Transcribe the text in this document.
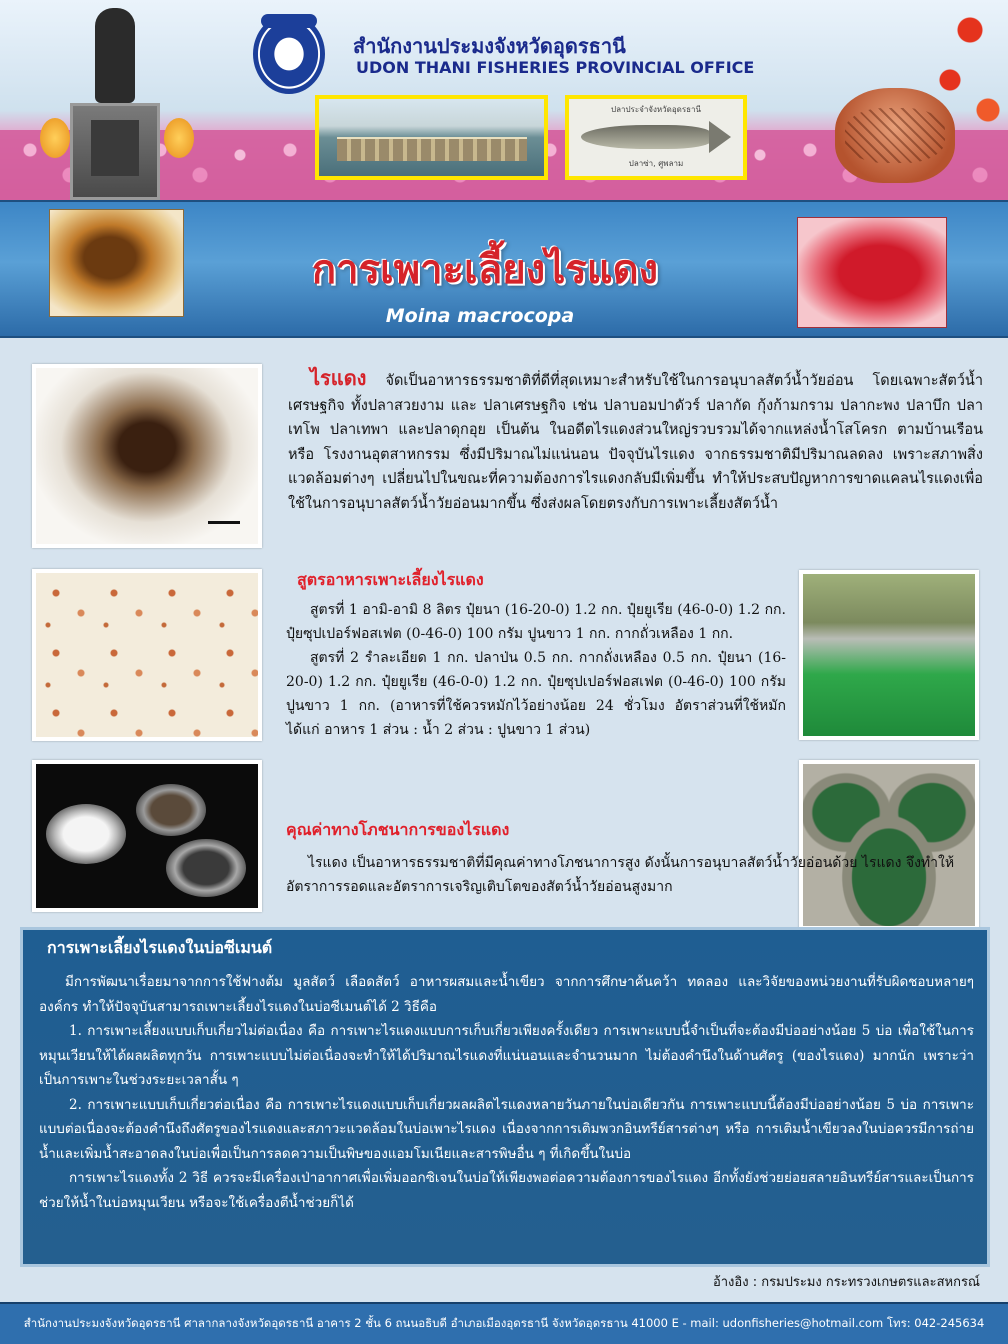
สำนักงานประมงจังหวัดอุดรธานี
UDON THANI FISHERIES PROVINCIAL OFFICE
ปลาประจำจังหวัดอุดรธานี
ปลาซ่า, ศูพลาม
การเพาะเลี้ยงไรแดง
Moina macrocopa
ไรแดง จัดเป็นอาหารธรรมชาติที่ดีที่สุดเหมาะสำหรับใช้ในการอนุบาลสัตว์น้ำวัยอ่อน โดยเฉพาะสัตว์น้ำเศรษฐกิจ ทั้งปลาสวยงาม และ ปลาเศรษฐกิจ เช่น ปลาบอมปาดัวร์ ปลากัด กุ้งก้ามกราม ปลากะพง ปลาบึก ปลาเทโพ ปลาเทพา และปลาดุกอุย เป็นต้น ในอดีตไรแดงส่วนใหญ่รวบรวมได้จากแหล่งน้ำโสโครก ตามบ้านเรือน หรือ โรงงานอุตสาหกรรม ซึ่งมีปริมาณไม่แน่นอน ปัจจุบันไรแดง จากธรรมชาติมีปริมาณลดลง เพราะสภาพสิ่งแวดล้อมต่างๆ เปลี่ยนไปในขณะที่ความต้องการไรแดงกลับมีเพิ่มขึ้น ทำให้ประสบปัญหาการขาดแคลนไรแดงเพื่อใช้ในการอนุบาลสัตว์น้ำวัยอ่อนมากขึ้น ซึ่งส่งผลโดยตรงกับการเพาะเลี้ยงสัตว์น้ำ
สูตรอาหารเพาะเลี้ยงไรแดง

สูตรที่ 1 อามิ-อามิ 8 ลิตร ปุ๋ยนา (16-20-0) 1.2 กก. ปุ๋ยยูเรีย (46-0-0) 1.2 กก. ปุ๋ยซุปเปอร์ฟอสเฟต (0-46-0) 100 กรัม ปูนขาว 1 กก. กากถั่วเหลือง 1 กก.

สูตรที่ 2 รำละเอียด 1 กก. ปลาป่น 0.5 กก. กากถั่งเหลือง 0.5 กก. ปุ๋ยนา (16-20-0) 1.2 กก. ปุ๋ยยูเรีย (46-0-0) 1.2 กก. ปุ๋ยซุปเปอร์ฟอสเฟต (0-46-0) 100 กรัม ปูนขาว 1 กก. (อาหารที่ใช้ควรหมักไว้อย่างน้อย 24 ชั่วโมง อัตราส่วนที่ใช้หมัก ได้แก่ อาหาร 1 ส่วน : น้ำ 2 ส่วน : ปูนขาว 1 ส่วน)

คุณค่าทางโภชนาการของไรแดง

ไรแดง เป็นอาหารธรรมชาติที่มีคุณค่าทางโภชนาการสูง ดังนั้นการอนุบาลสัตว์น้ำวัยอ่อนด้วย ไรแดง จึงทำให้อัตราการรอดและอัตราการเจริญเติบโตของสัตว์น้ำวัยอ่อนสูงมาก

การเพาะเลี้ยงไรแดงในบ่อซีเมนต์

มีการพัฒนาเรื่อยมาจากการใช้ฟางต้ม มูลสัตว์ เลือดสัตว์ อาหารผสมและน้ำเขียว จากการศึกษาค้นคว้า ทดลอง และวิจัยของหน่วยงานที่รับผิดชอบหลายๆ องค์กร ทำให้ปัจจุบันสามารถเพาะเลี้ยงไรแดงในบ่อซีเมนต์ได้ 2 วิธีคือ

1. การเพาะเลี้ยงแบบเก็บเกี่ยวไม่ต่อเนื่อง คือ การเพาะไรแดงแบบการเก็บเกี่ยวเพียงครั้งเดียว การเพาะแบบนี้จำเป็นที่จะต้องมีบ่ออย่างน้อย 5 บ่อ เพื่อใช้ในการหมุนเวียนให้ได้ผลผลิตทุกวัน การเพาะแบบไม่ต่อเนื่องจะทำให้ได้ปริมาณไรแดงที่แน่นอนและจำนวนมาก ไม่ต้องคำนึงในด้านศัตรู (ของไรแดง) มากนัก เพราะว่าเป็นการเพาะในช่วงระยะเวลาสั้น ๆ

2. การเพาะแบบเก็บเกี่ยวต่อเนื่อง คือ การเพาะไรแดงแบบเก็บเกี่ยวผลผลิตไรแดงหลายวันภายในบ่อเดียวกัน การเพาะแบบนี้ต้องมีบ่ออย่างน้อย 5 บ่อ การเพาะแบบต่อเนื่องจะต้องคำนึงถึงศัตรูของไรแดงและสภาวะแวดล้อมในบ่อเพาะไรแดง เนื่องจากการเติมพวกอินทรีย์สารต่างๆ หรือ การเติมน้ำเขียวลงในบ่อควรมีการถ่ายน้ำและเพิ่มน้ำสะอาดลงในบ่อเพื่อเป็นการลดความเป็นพิษของแอมโมเนียและสารพิษอื่น ๆ ที่เกิดขึ้นในบ่อ

การเพาะไรแดงทั้ง 2 วิธี ควรจะมีเครื่องเป่าอากาศเพื่อเพิ่มออกซิเจนในบ่อให้เพียงพอต่อความต้องการของไรแดง อีกทั้งยังช่วยย่อยสลายอินทรีย์สารและเป็นการช่วยให้น้ำในบ่อหมุนเวียน หรือจะใช้เครื่องตีน้ำช่วยก็ได้

อ้างอิง : กรมประมง กระทรวงเกษตรและสหกรณ์
สำนักงานประมงจังหวัดอุดรธานี ศาลากลางจังหวัดอุดรธานี อาคาร 2 ชั้น 6 ถนนอธิบดี อำเภอเมืองอุดรธานี จังหวัดอุดรธาน 41000 E - mail: udonfisheries@hotmail.com โทร: 042-245634
